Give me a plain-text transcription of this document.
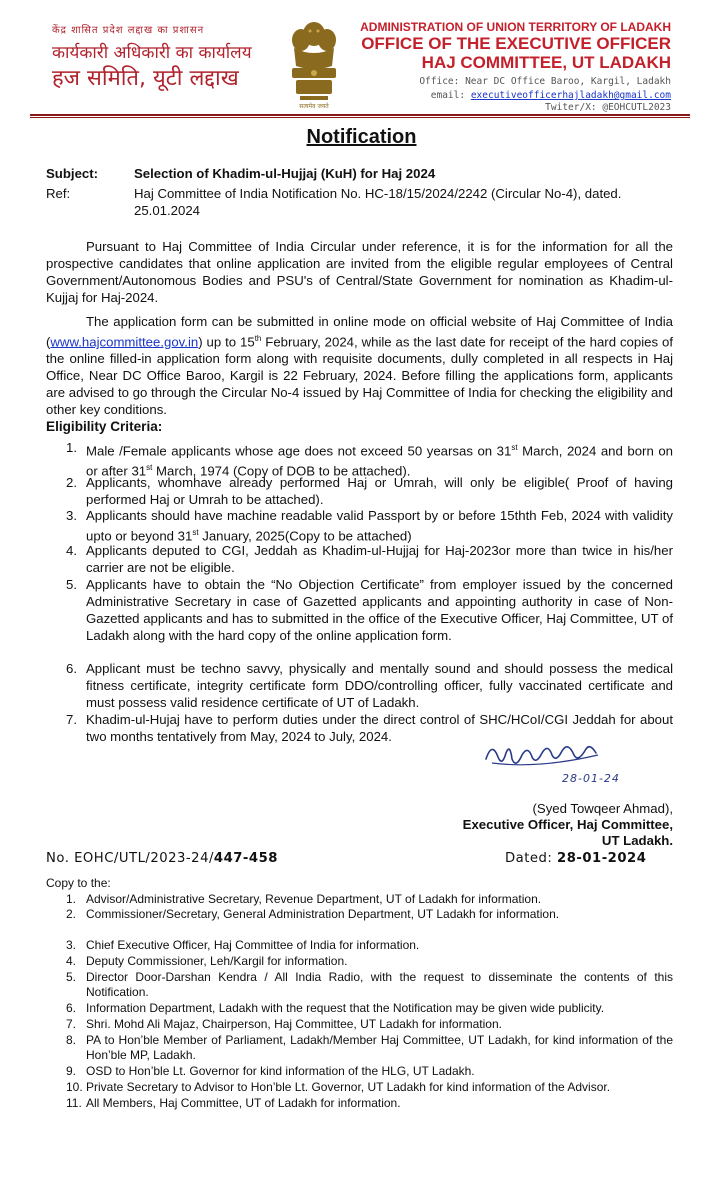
केंद्र शासित प्रदेश लद्दाख का प्रशासन
कार्यकारी अधिकारी का कार्यालय
हज समिति, यूटी लद्दाख
सत्यमेव जयते
ADMINISTRATION OF UNION TERRITORY OF LADAKH
OFFICE OF THE EXECUTIVE OFFICER
HAJ COMMITTEE, UT LADAKH
Office: Near DC Office Baroo, Kargil, Ladakh
email: executiveofficerhajladakh@gmail.com
Twiter/X: @EOHCUTL2023
Notification
Subject:	Selection of Khadim-ul-Hujjaj (KuH) for Haj 2024
Ref:	Haj Committee of India Notification No. HC-18/15/2024/2242 (Circular No-4), dated.
25.01.2024
Pursuant to Haj Committee of India Circular under reference, it is for the information for all the prospective candidates that online application are invited from the eligible regular employees of Central Government/Autonomous Bodies and PSU's of Central/State Government for nomination as Khadim-ul-Kujjaj for Haj-2024.
The application form can be submitted in online mode on official website of Haj Committee of India (www.hajcommittee.gov.in) up to 15th February, 2024, while as the last date for receipt of the hard copies of the online filled-in application form along with requisite documents, dully completed in all respects in Haj Office, Near DC Office Baroo, Kargil is 22 February, 2024. Before filling the applications form, applicants are advised to go through the Circular No-4 issued by Haj Committee of India for checking the eligibility and other key conditions.
Eligibility Criteria:
1. Male /Female applicants whose age does not exceed 50 yearsas on 31st March, 2024 and born on or after 31st March, 1974 (Copy of DOB to be attached).
2. Applicants, whomhave already performed Haj or Umrah, will only be eligible( Proof of having performed Haj or Umrah to be attached).
3. Applicants should have machine readable valid Passport by or before 15thth Feb, 2024 with validity upto or beyond 31st January, 2025(Copy to be attached)
4. Applicants deputed to CGI, Jeddah as Khadim-ul-Hujjaj for Haj-2023or more than twice in his/her carrier are not be eligible.
5. Applicants have to obtain the “No Objection Certificate” from employer issued by the concerned Administrative Secretary in case of Gazetted applicants and appointing authority in case of Non-Gazetted applicants and has to submitted in the office of the Executive Officer, Haj Committee, UT of Ladakh along with the hard copy of the online application form.
6. Applicant must be techno savvy, physically and mentally sound and should possess the medical fitness certificate, integrity certificate form DDO/controlling officer, fully vaccinated certificate and must possess valid residence certificate of UT of Ladakh.
7. Khadim-ul-Hujaj have to perform duties under the direct control of SHC/HCoI/CGI Jeddah for about two months tentatively from May, 2024 to July, 2024.
28-01-24
(Syed Towqeer Ahmad),
Executive Officer, Haj Committee,
UT Ladakh.
No. EOHC/UTL/2023-24/447-458	Dated: 28-01-2024
Copy to the:
1. Advisor/Administrative Secretary, Revenue Department, UT of Ladakh for information.
2. Commissioner/Secretary, General Administration Department, UT Ladakh for information.
3. Chief Executive Officer, Haj Committee of India for information.
4. Deputy Commissioner, Leh/Kargil for information.
5. Director Door-Darshan Kendra / All India Radio, with the request to disseminate the contents of this Notification.
6. Information Department, Ladakh with the request that the Notification may be given wide publicity.
7. Shri. Mohd Ali Majaz, Chairperson, Haj Committee, UT Ladakh for information.
8. PA to Hon’ble Member of Parliament, Ladakh/Member Haj Committee, UT Ladakh, for kind information of the Hon’ble MP, Ladakh.
9. OSD to Hon’ble Lt. Governor for kind information of the HLG, UT Ladakh.
10. Private Secretary to Advisor to Hon’ble Lt. Governor, UT Ladakh for kind information of the Advisor.
11. All Members, Haj Committee, UT of Ladakh for information.
